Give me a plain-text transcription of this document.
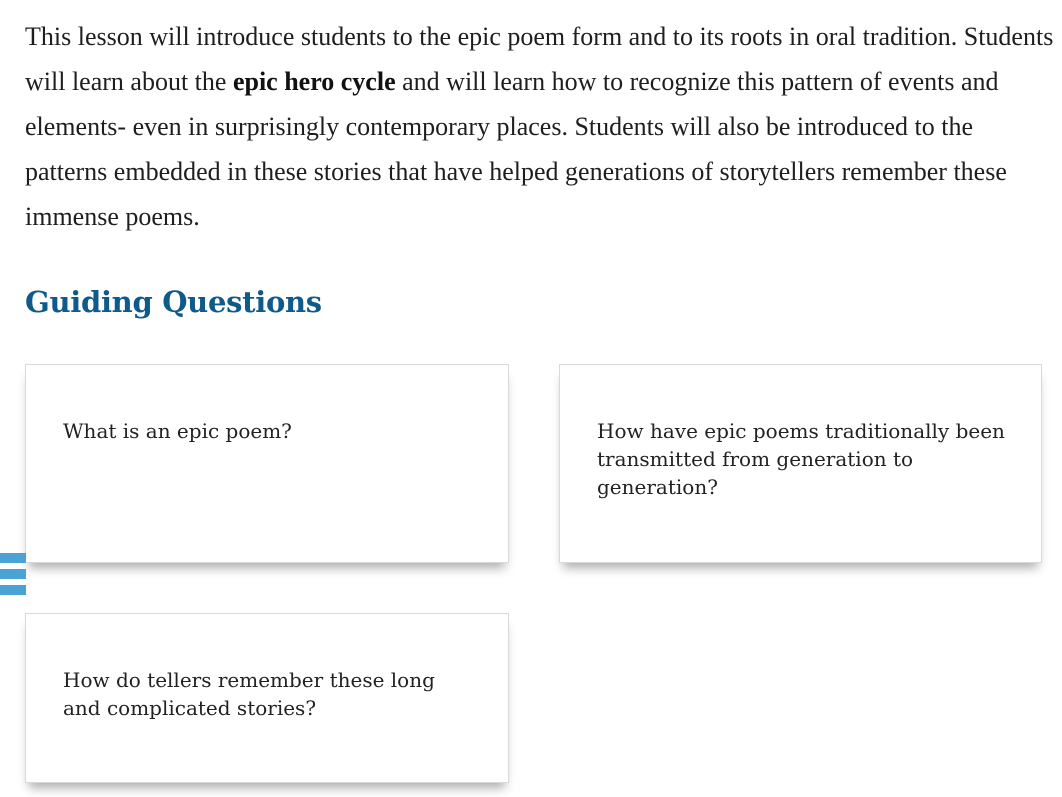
This lesson will introduce students to the epic poem form and to its roots in oral tradition. Students will learn about the epic hero cycle and will learn how to recognize this pattern of events and elements- even in surprisingly contemporary places. Students will also be introduced to the patterns embedded in these stories that have helped generations of storytellers remember these immense poems.

Guiding Questions

What is an epic poem?	How have epic poems traditionally been transmitted from generation to generation?

How do tellers remember these long and complicated stories?
